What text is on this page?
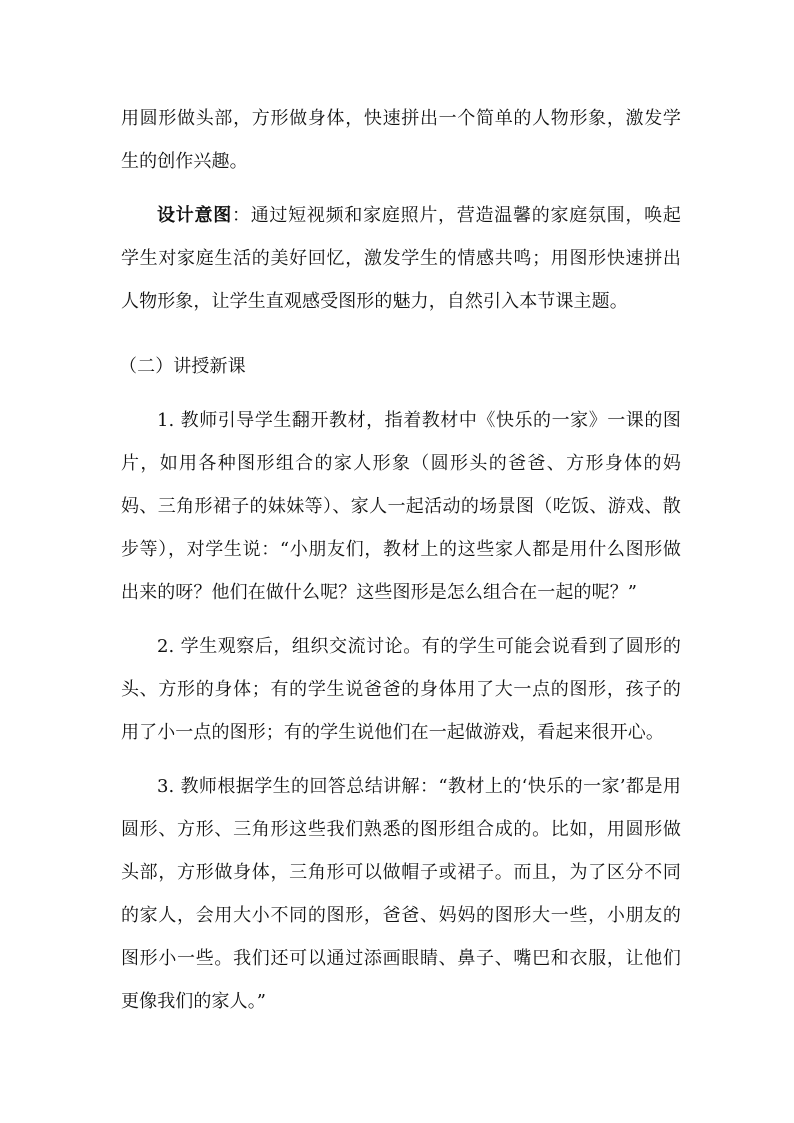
用圆形做头部，方形做身体，快速拼出一个简单的人物形象，激发学生的创作兴趣。

设计意图：通过短视频和家庭照片，营造温馨的家庭氛围，唤起学生对家庭生活的美好回忆，激发学生的情感共鸣；用图形快速拼出人物形象，让学生直观感受图形的魅力，自然引入本节课主题。

（二）讲授新课

1. 教师引导学生翻开教材，指着教材中《快乐的一家》一课的图片，如用各种图形组合的家人形象（圆形头的爸爸、方形身体的妈妈、三角形裙子的妹妹等）、家人一起活动的场景图（吃饭、游戏、散步等），对学生说：“小朋友们，教材上的这些家人都是用什么图形做出来的呀？他们在做什么呢？这些图形是怎么组合在一起的呢？”

2. 学生观察后，组织交流讨论。有的学生可能会说看到了圆形的头、方形的身体；有的学生说爸爸的身体用了大一点的图形，孩子的用了小一点的图形；有的学生说他们在一起做游戏，看起来很开心。

3. 教师根据学生的回答总结讲解：“教材上的‘快乐的一家’都是用圆形、方形、三角形这些我们熟悉的图形组合成的。比如，用圆形做头部，方形做身体，三角形可以做帽子或裙子。而且，为了区分不同的家人，会用大小不同的图形，爸爸、妈妈的图形大一些，小朋友的图形小一些。我们还可以通过添画眼睛、鼻子、嘴巴和衣服，让他们更像我们的家人。”
